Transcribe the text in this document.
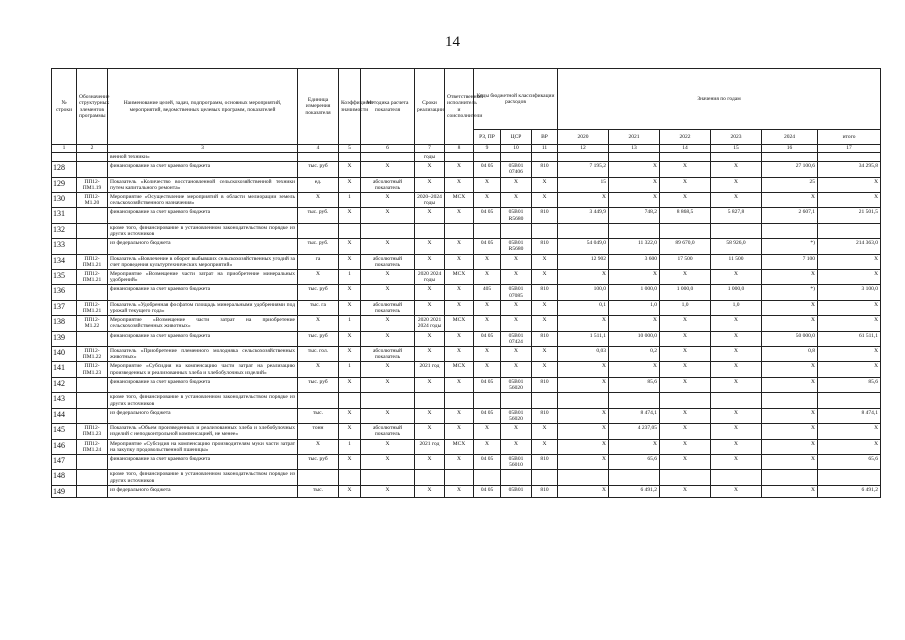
14
№ строки	Обозначение структурных элементов программы	Наименование целей, задач, подпрограмм, основных мероприятий, мероприятий, ведомственных целевых программ, показателей	Единица измерения показателя	Коэффициент значимости	Методика расчета показателя	Сроки реализации	Ответственный исполнитель и соисполнители	Коды бюджетной классификации расходов			Значения по годам					
								РЗ, ПР	ЦСР	ВР	2020	2021	2022	2023	2024	итого
1	2	3	4	5	6	7	8	9	10	11	12	13	14	15	16	17
		венной техники»				годы										
128		финансирование за счет краевого бюджета	тыс. руб	X	X	X	X	04 05	05В01 07406	810	7 195,2	X	X	X	27 100,6	34 295,8
129	ПП12-ПМ1.19	Показатель «Количество восстановленной сельскохозяйственной техники путем капитального ремонта»	ед.	X	абсолютный показатель	X	X	X	X	X	15	X	X	X	25	X
130	ПП12-М1.20	Мероприятие «Осуществление мероприятий в области мелиорации земель сельскохозяйственного назначения»	X	1	X	2020–2024 годы	МСХ	X	X	X	X	X	X	X	X	X
131		финансирование за счет краевого бюджета	тыс. руб.	X	X	X	X	04 05	05В01 R5680	810	3 449,9	748,2	8 868,5	5 827,8	2 607,1	21 501,5
132		кроме того, финансирование в установленном законодательством порядке из других источников														
133		из федерального бюджета	тыс. руб.	X	X	X	X	04 05	05В01 R5680	810	54 049,0	11 322,0	89 670,0	58 926,0	*)	214 363,0
134	ПП12-ПМ1.21	Показатель «Вовлечение в оборот выбывших сельскохозяйственных угодий за счет проведения культуртехнических мероприятий»	га	X	абсолютный показатель	X	X	X	X	X	12 902	3 600	17 500	11 500	7 100	X
135	ПП12-ПМ1.21	Мероприятие «Возмещение части затрат на приобретение минеральных удобрений»	X	1	X	2020 2024 годы	МСХ	X	X	X	X	X	X	X	X	X
136		финансирование за счет краевого бюджета	тыс. руб	X	X	X	X	405	05В01 07085	810	100,0	1 000,0	1 000,0	1 000,0	*)	3 100,0
137	ПП12-ПМ1.21	Показатель «Удобренная фосфатом площадь минеральными удобрениями под урожай текущего года»	тыс. га	X	абсолютный показатель	X	X	X	X	X	0,1	1,0	1,0	1,0	X	X
138	ПП12-М1.22	Мероприятие «Возмещение части затрат на приобретение сельскохозяйственных животных»	X	1	X	2020 2021 2024 годы	МСХ	X	X	X	X	X	X	X	X	X
139		финансирование за счет краевого бюджета	тыс. руб	X	X	X	X	04 05	05В01 07424	810	1 511,1	10 000,0	X	X	50 000,0	61 511,1
140	ПП12-ПМ1.22	Показатель «Приобретение племенного молодняка сельскохозяйственных животных»	тыс. гол.	X	абсолютный показатель	X	X	X	X	X	0,03	0,2	X	X	0,8	X
141	ПП12-ПМ1.23	Мероприятие «Субсидия на компенсацию части затрат на реализацию произведенных и реализованных хлеба и хлебобулочных изделий»	X	1	X	2021 год	МСХ	X	X	X	X	X	X	X	X	X
142		финансирование за счет краевого бюджета	тыс. руб	X	X	X	X	04 05	05В01 56020	810	X	85,6	X	X	X	85,6
143		кроме того, финансирование в установленном законодательством порядке из других источников														
144		из федерального бюджета	тыс.	X	X	X	X	04 05	05В01 56020	810	X	8 474,1	X	X	X	8 474,1
145	ПП12-ПМ1.23	Показатель «Объем произведенных и реализованных хлеба и хлебобулочных изделий с неподконтрольной компенсацией, не менее»	тонн	X	абсолютный показатель	X	X	X	X	X	X	4 237,05	X	X	X	X
146	ПП12-ПМ1.24	Мероприятие «Субсидия на компенсацию производителям муки части затрат на закупку продовольственной пшеницы»	X	1	X	2021 год	МСХ	X	X	X	X	X	X	X	X	X
147		финансирование за счет краевого бюджета	тыс. руб	X	X	X	X	04 05	05В01 56010	810	X	65,6	X	X	X	65,6
148		кроме того, финансирование в установленном законодательством порядке из других источников														
149		из федерального бюджета	тыс.	X	X	X	X	04 05	05В01	810	X	6 491,2	X	X	X	6 491,2
